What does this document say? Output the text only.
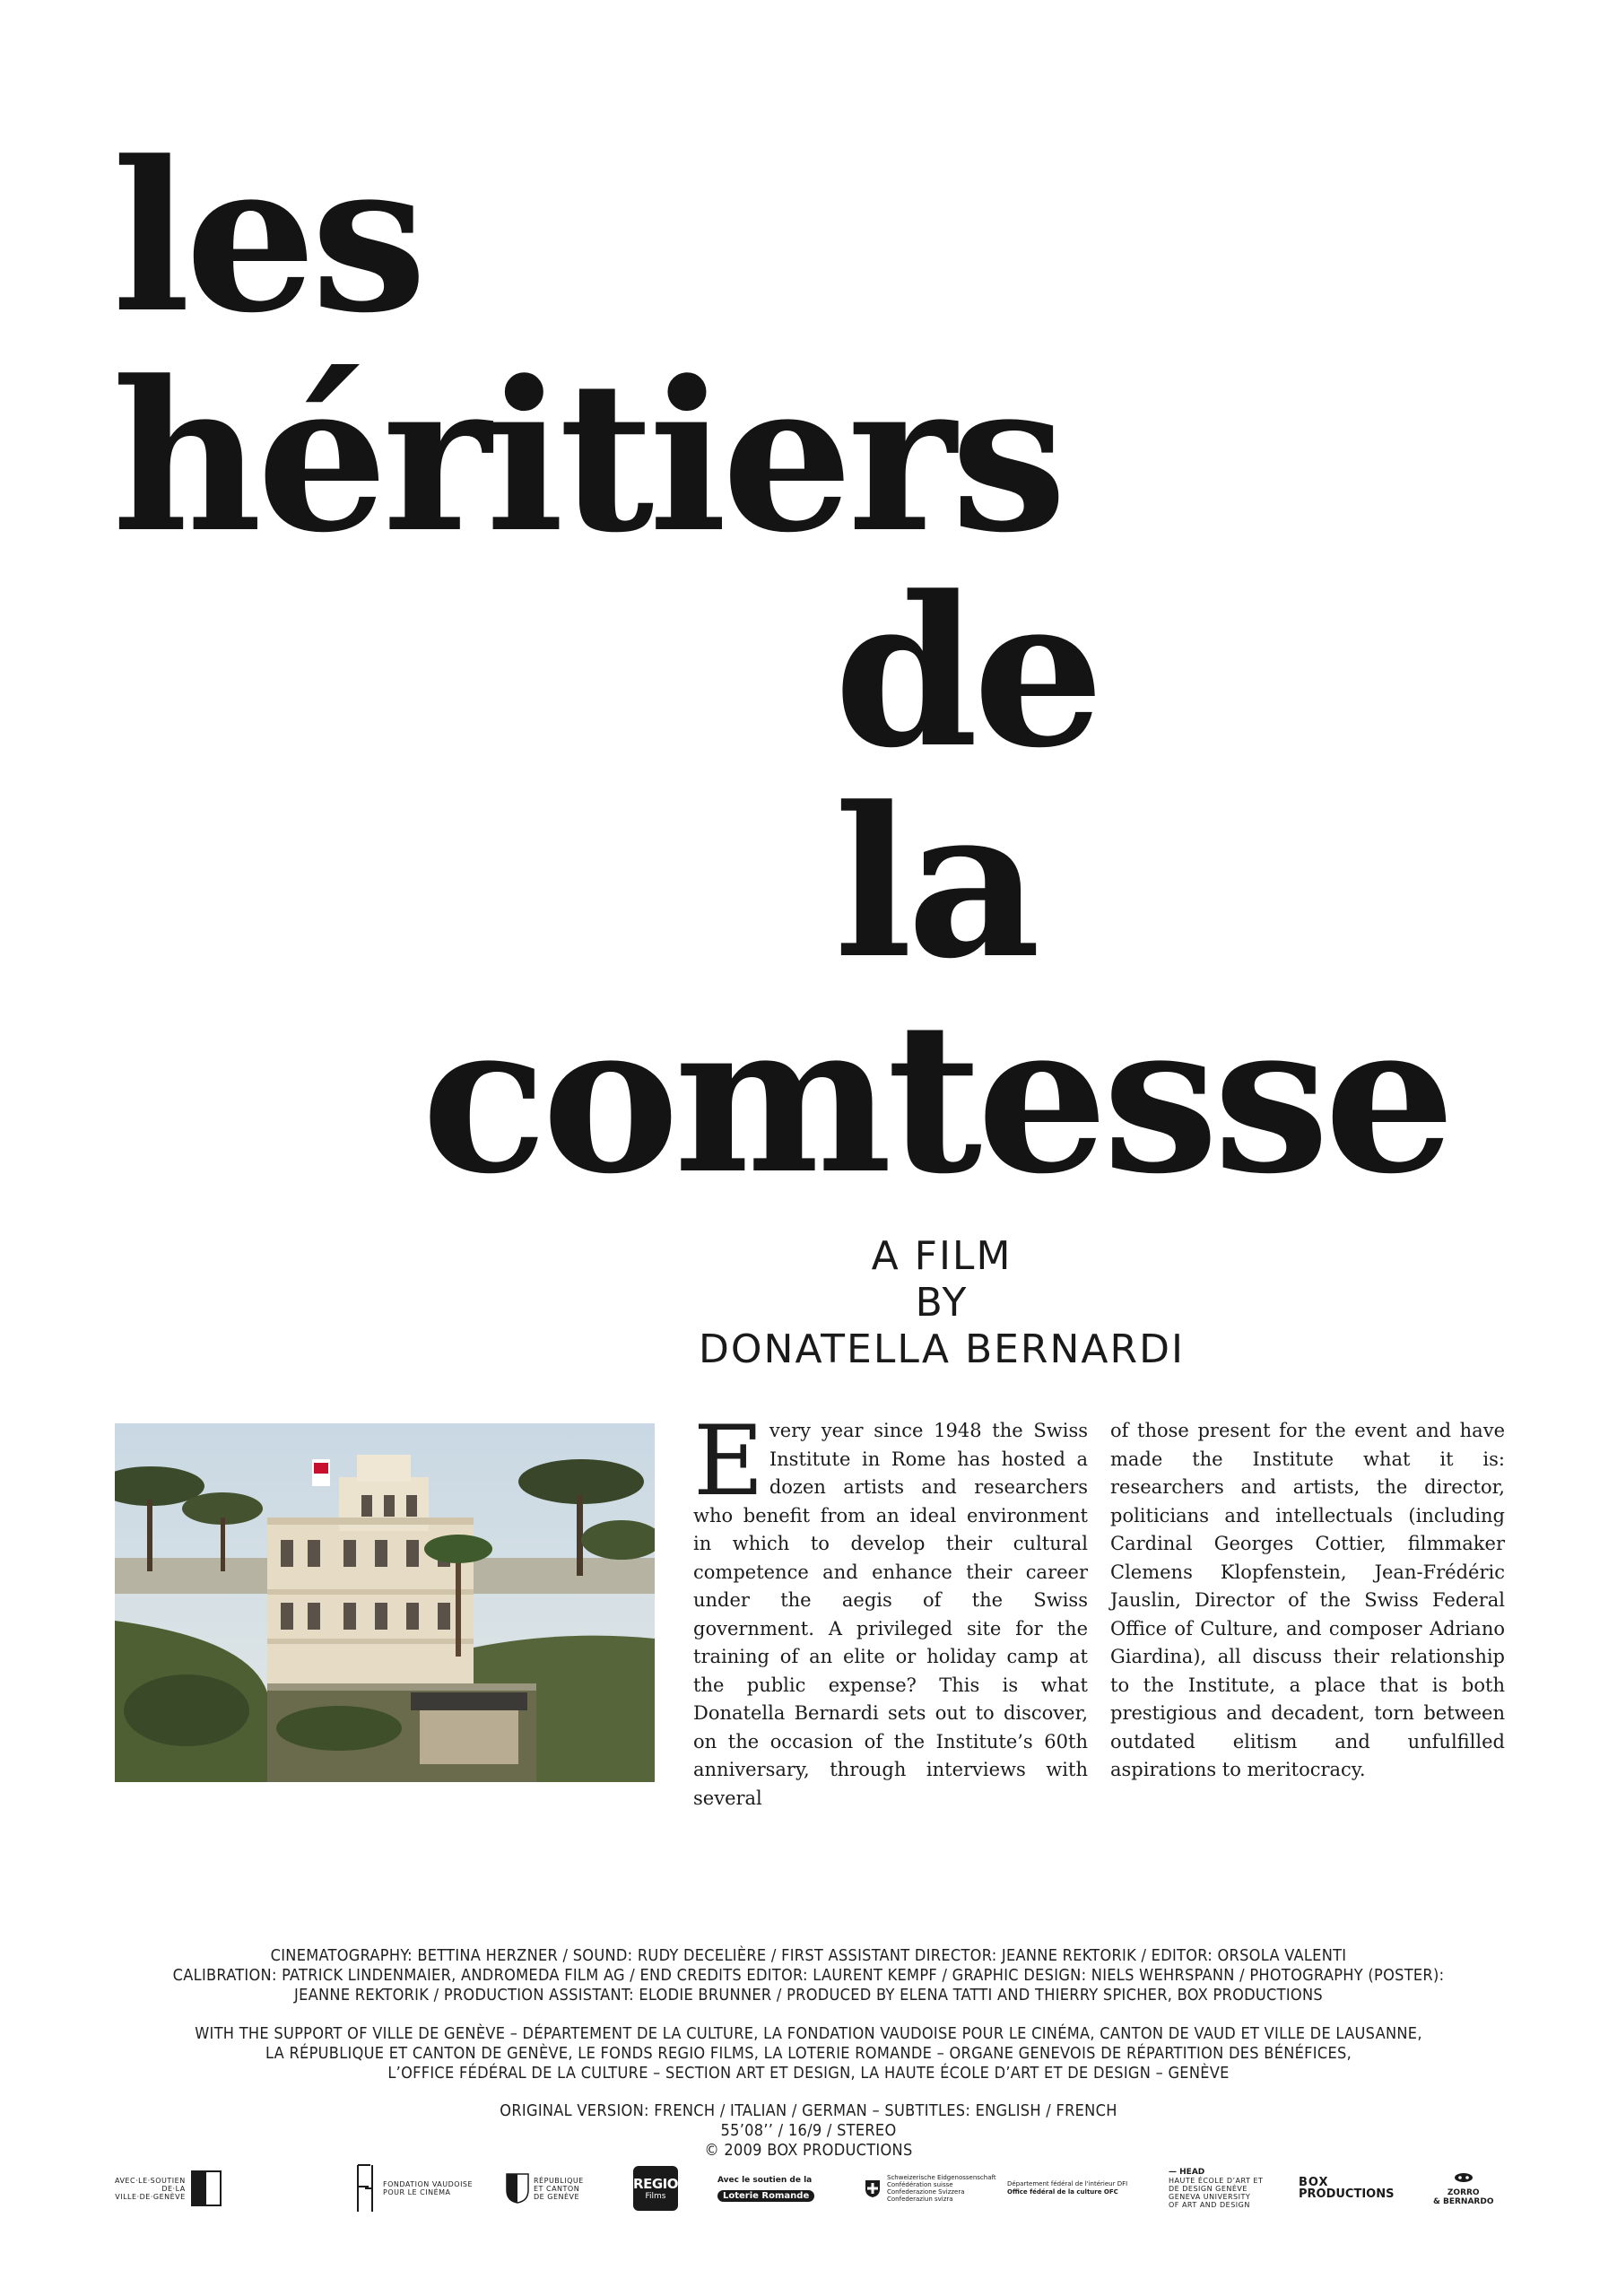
les
héritiers
de
la
comtesse

A FILM

BY

DONATELLA BERNARDI

Every year since 1948 the Swiss Institute in Rome has hosted a dozen artists and researchers who benefit from an ideal environment in which to develop their cultural competence and enhance their career under the aegis of the Swiss government. A privileged site for the training of an elite or holiday camp at the public expense? This is what Donatella Bernardi sets out to discover, on the occasion of the Institute’s 60th anniversary, through interviews with several
of those present for the event and have made the Institute what it is: researchers and artists, the director, politicians and intellectuals (including Cardinal Georges Cottier, filmmaker Clemens Klopfenstein, Jean-Frédéric Jauslin, Director of the Swiss Federal Office of Culture, and composer Adriano Giardina), all discuss their relationship to the Institute, a place that is both prestigious and decadent, torn between outdated elitism and unfulfilled aspirations to meritocracy.
CINEMATOGRAPHY: BETTINA HERZNER / SOUND: RUDY DECELIÈRE / FIRST ASSISTANT DIRECTOR: JEANNE REKTORIK / EDITOR: ORSOLA VALENTI
CALIBRATION: PATRICK LINDENMAIER, ANDROMEDA FILM AG / END CREDITS EDITOR: LAURENT KEMPF / GRAPHIC DESIGN: NIELS WEHRSPANN / PHOTOGRAPHY (POSTER):
JEANNE REKTORIK / PRODUCTION ASSISTANT: ELODIE BRUNNER / PRODUCED BY ELENA TATTI AND THIERRY SPICHER, BOX PRODUCTIONS
WITH THE SUPPORT OF VILLE DE GENÈVE – DÉPARTEMENT DE LA CULTURE, LA FONDATION VAUDOISE POUR LE CINÉMA, CANTON DE VAUD ET VILLE DE LAUSANNE,
LA RÉPUBLIQUE ET CANTON DE GENÈVE, LE FONDS REGIO FILMS, LA LOTERIE ROMANDE – ORGANE GENEVOIS DE RÉPARTITION DES BÉNÉFICES,
L’OFFICE FÉDÉRAL DE LA CULTURE – SECTION ART ET DESIGN, LA HAUTE ÉCOLE D’ART ET DE DESIGN – GENÈVE
ORIGINAL VERSION: FRENCH / ITALIAN / GERMAN – SUBTITLES: ENGLISH / FRENCH
55’08’’ / 16/9 / STEREO
© 2009 BOX PRODUCTIONS
AVEC·LE·SOUTIEN
DE·LA
VILLE·DE·GENÈVE
FONDATION VAUDOISE
POUR LE CINÉMA
RÉPUBLIQUE
ET CANTON
DE GENÈVE
REGIO
Films
Avec le soutien de la
Loterie Romande
Schweizerische Eidgenossenschaft
Confédération suisse
Confederazione Svizzera
Confederaziun svizra
Département fédéral de l'intérieur DFI
Office fédéral de la culture OFC
— HEAD
HAUTE ÉCOLE D’ART ET
DE DESIGN GENÈVE
GENEVA UNIVERSITY
OF ART AND DESIGN
BOX
PRODUCTIONS	ZORRO
& BERNARDO
